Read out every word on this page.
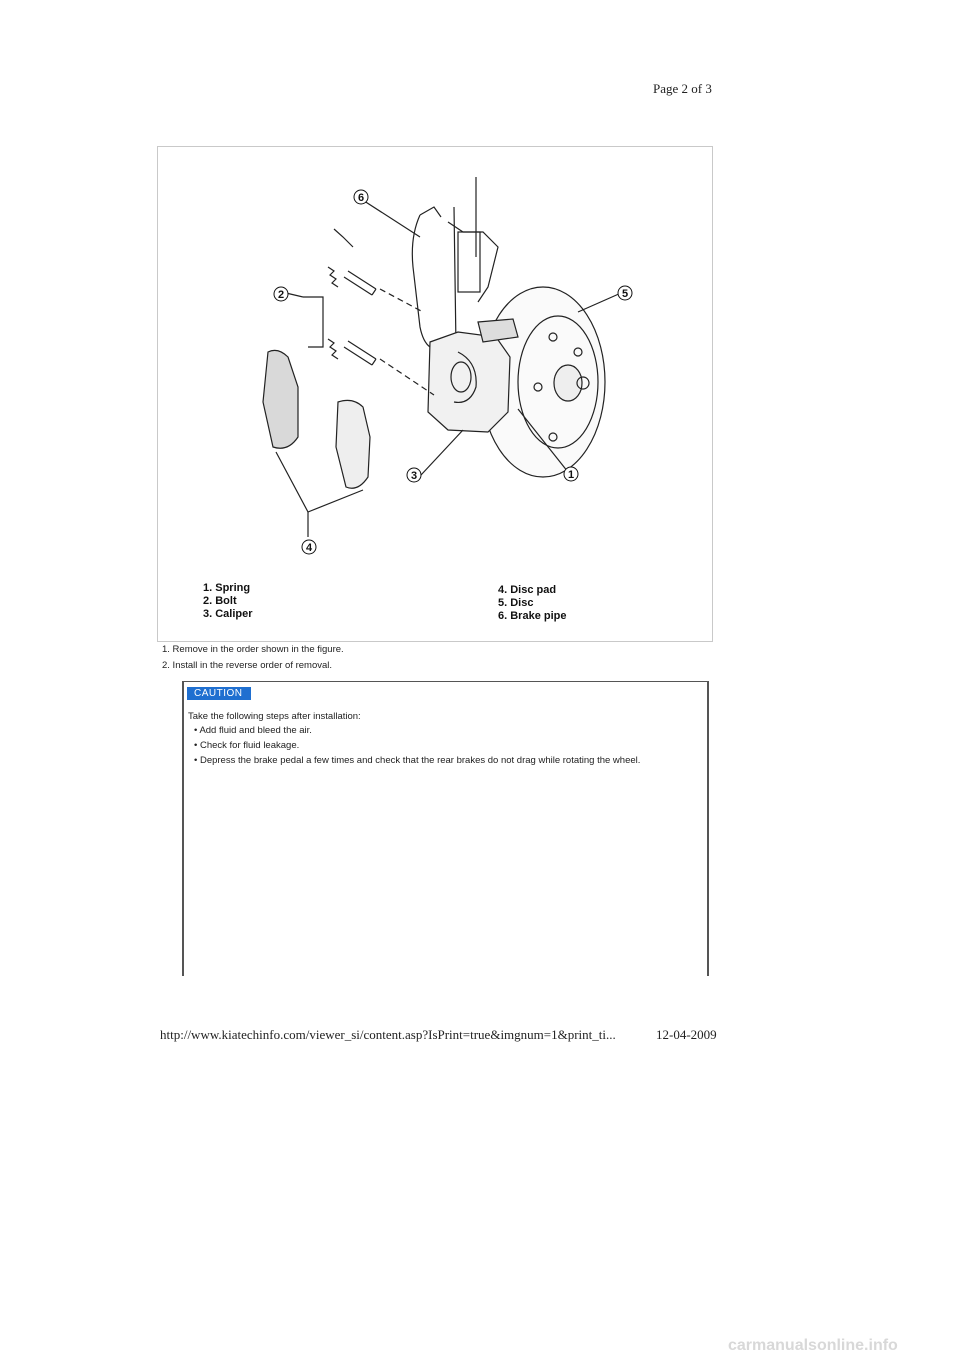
Page 2 of 3
6
2	5
3	1
4
1. Spring
2. Bolt
3. Caliper
4. Disc pad
5. Disc
6. Brake pipe
1. Remove in the order shown in the figure.
2. Install in the reverse order of removal.
CAUTION
Take the following steps after installation:
• Add fluid and bleed the air.
• Check for fluid leakage.
• Depress the brake pedal a few times and check that the rear brakes do not drag while rotating the wheel.
http://www.kiatechinfo.com/viewer_si/content.asp?IsPrint=true&imgnum=1&print_ti...	12-04-2009
carmanualsonline.info
